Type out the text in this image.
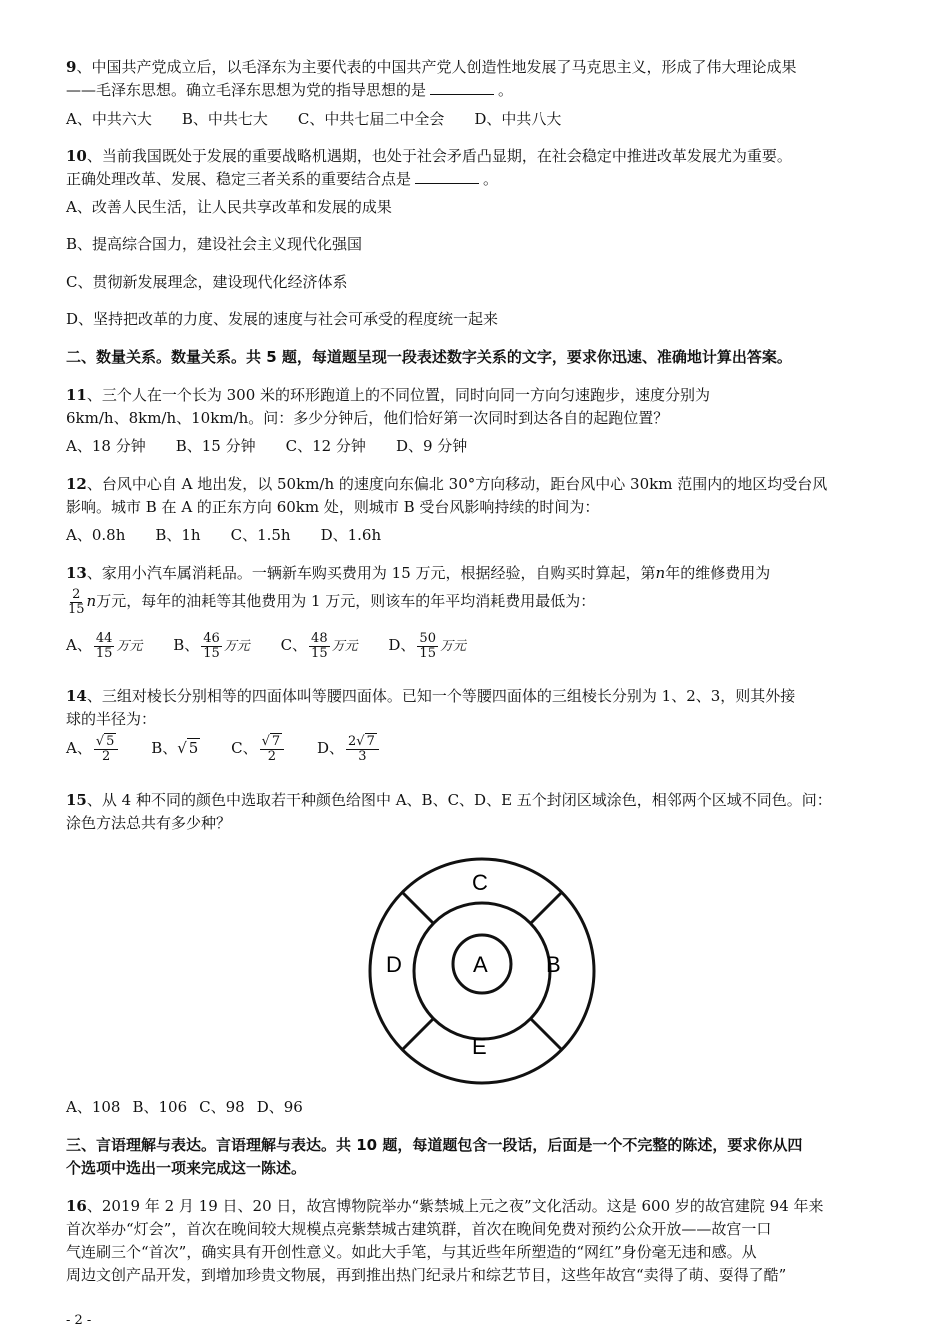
9、中国共产党成立后，以毛泽东为主要代表的中国共产党人创造性地发展了马克思主义，形成了伟大理论成果
——毛泽东思想。确立毛泽东思想为党的指导思想的是	。
A、中共六大 B、中共七大 C、中共七届二中全会 D、中共八大
10、当前我国既处于发展的重要战略机遇期，也处于社会矛盾凸显期，在社会稳定中推进改革发展尤为重要。
正确处理改革、发展、稳定三者关系的重要结合点是	。
A、改善人民生活，让人民共享改革和发展的成果
B、提高综合国力，建设社会主义现代化强国
C、贯彻新发展理念，建设现代化经济体系
D、坚持把改革的力度、发展的速度与社会可承受的程度统一起来
二、数量关系。数量关系。共 5 题，每道题呈现一段表述数字关系的文字，要求你迅速、准确地计算出答案。
11、三个人在一个长为 300 米的环形跑道上的不同位置，同时向同一方向匀速跑步，速度分别为
6km/h、8km/h、10km/h。问：多少分钟后，他们恰好第一次同时到达各自的起跑位置？
A、18 分钟 B、15 分钟 C、12 分钟 D、9 分钟
12、台风中心自 A 地出发，以 50km/h 的速度向东偏北 30°方向移动，距台风中心 30km 范围内的地区均受台风
影响。城市 B 在 A 的正东方向 60km 处，则城市 B 受台风影响持续的时间为：
A、0.8h B、1h C、1.5h D、1.6h
13、家用小汽车属消耗品。一辆新车购买费用为 15 万元，根据经验，自购买时算起，第n年的维修费用为
$\frac{2}{15}$ n万元，每年的油耗等其他费用为 1 万元，则该车的年平均消耗费用最低为：
A、 $\frac{44}{15}$ 万元 B、 $\frac{46}{15}$ 万元 C、 $\frac{48}{15}$ 万元 D、 $\frac{50}{15}$ 万元
14、三组对棱长分别相等的四面体叫等腰四面体。已知一个等腰四面体的三组棱长分别为 1、2、3，则其外接
球的半径为：
A、 $\frac{√ 5}{2}$ B、√ 5 C、 $\frac{√ 7}{2}$ D、 $\frac{2√ 7}{3}$
15、从 4 种不同的颜色中选取若干种颜色给图中 A、B、C、D、E 五个封闭区域涂色，相邻两个区域不同色。问：
涂色方法总共有多少种？
A、108 B、106 C、98 D、96
三、言语理解与表达。言语理解与表达。共 10 题，每道题包含一段话，后面是一个不完整的陈述，要求你从四
个选项中选出一项来完成这一陈述。
16、2019 年 2 月 19 日、20 日，故宫博物院举办“紫禁城上元之夜”文化活动。这是 600 岁的故宫建院 94 年来
首次举办“灯会”，首次在晚间较大规模点亮紫禁城古建筑群，首次在晚间免费对预约公众开放——故宫一口
气连刷三个“首次”，确实具有开创性意义。如此大手笔，与其近些年所塑造的“网红”身份毫无违和感。从
周边文创产品开发，到增加珍贵文物展，再到推出热门纪录片和综艺节目，这些年故宫“卖得了萌、耍得了酷”
C
D	A	B
E
- 2 -
